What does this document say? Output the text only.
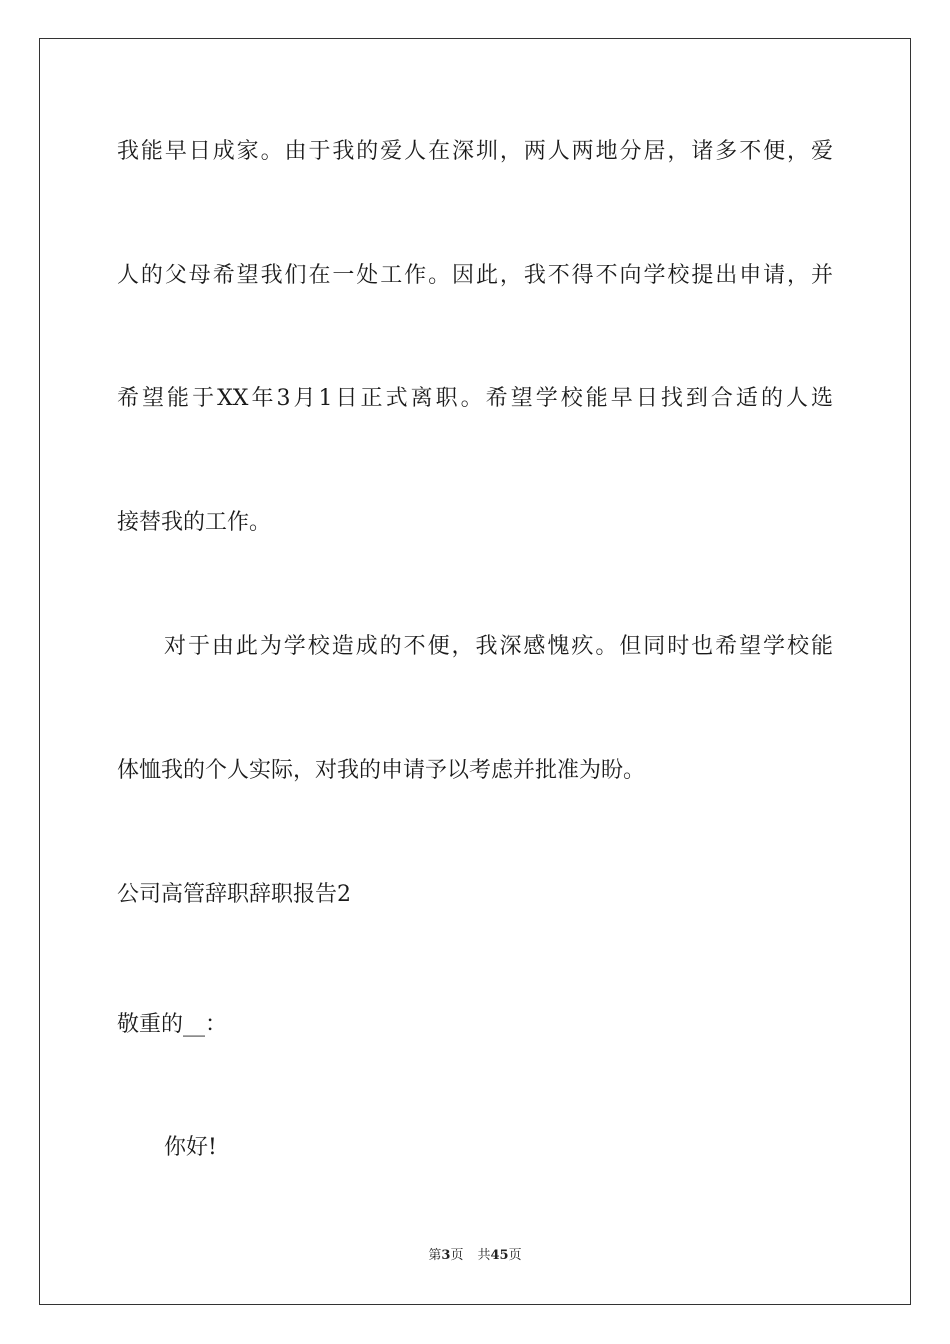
我能早日成家。由于我的爱人在深圳，两人两地分居，诸多不便，爱

人的父母希望我们在一处工作。因此，我不得不向学校提出申请，并

希望能于XX年3月1日正式离职。希望学校能早日找到合适的人选

接替我的工作。

对于由此为学校造成的不便，我深感愧疚。但同时也希望学校能

体恤我的个人实际，对我的申请予以考虑并批准为盼。

公司高管辞职辞职报告2

敬重的__：

你好!

第3页 共45页
